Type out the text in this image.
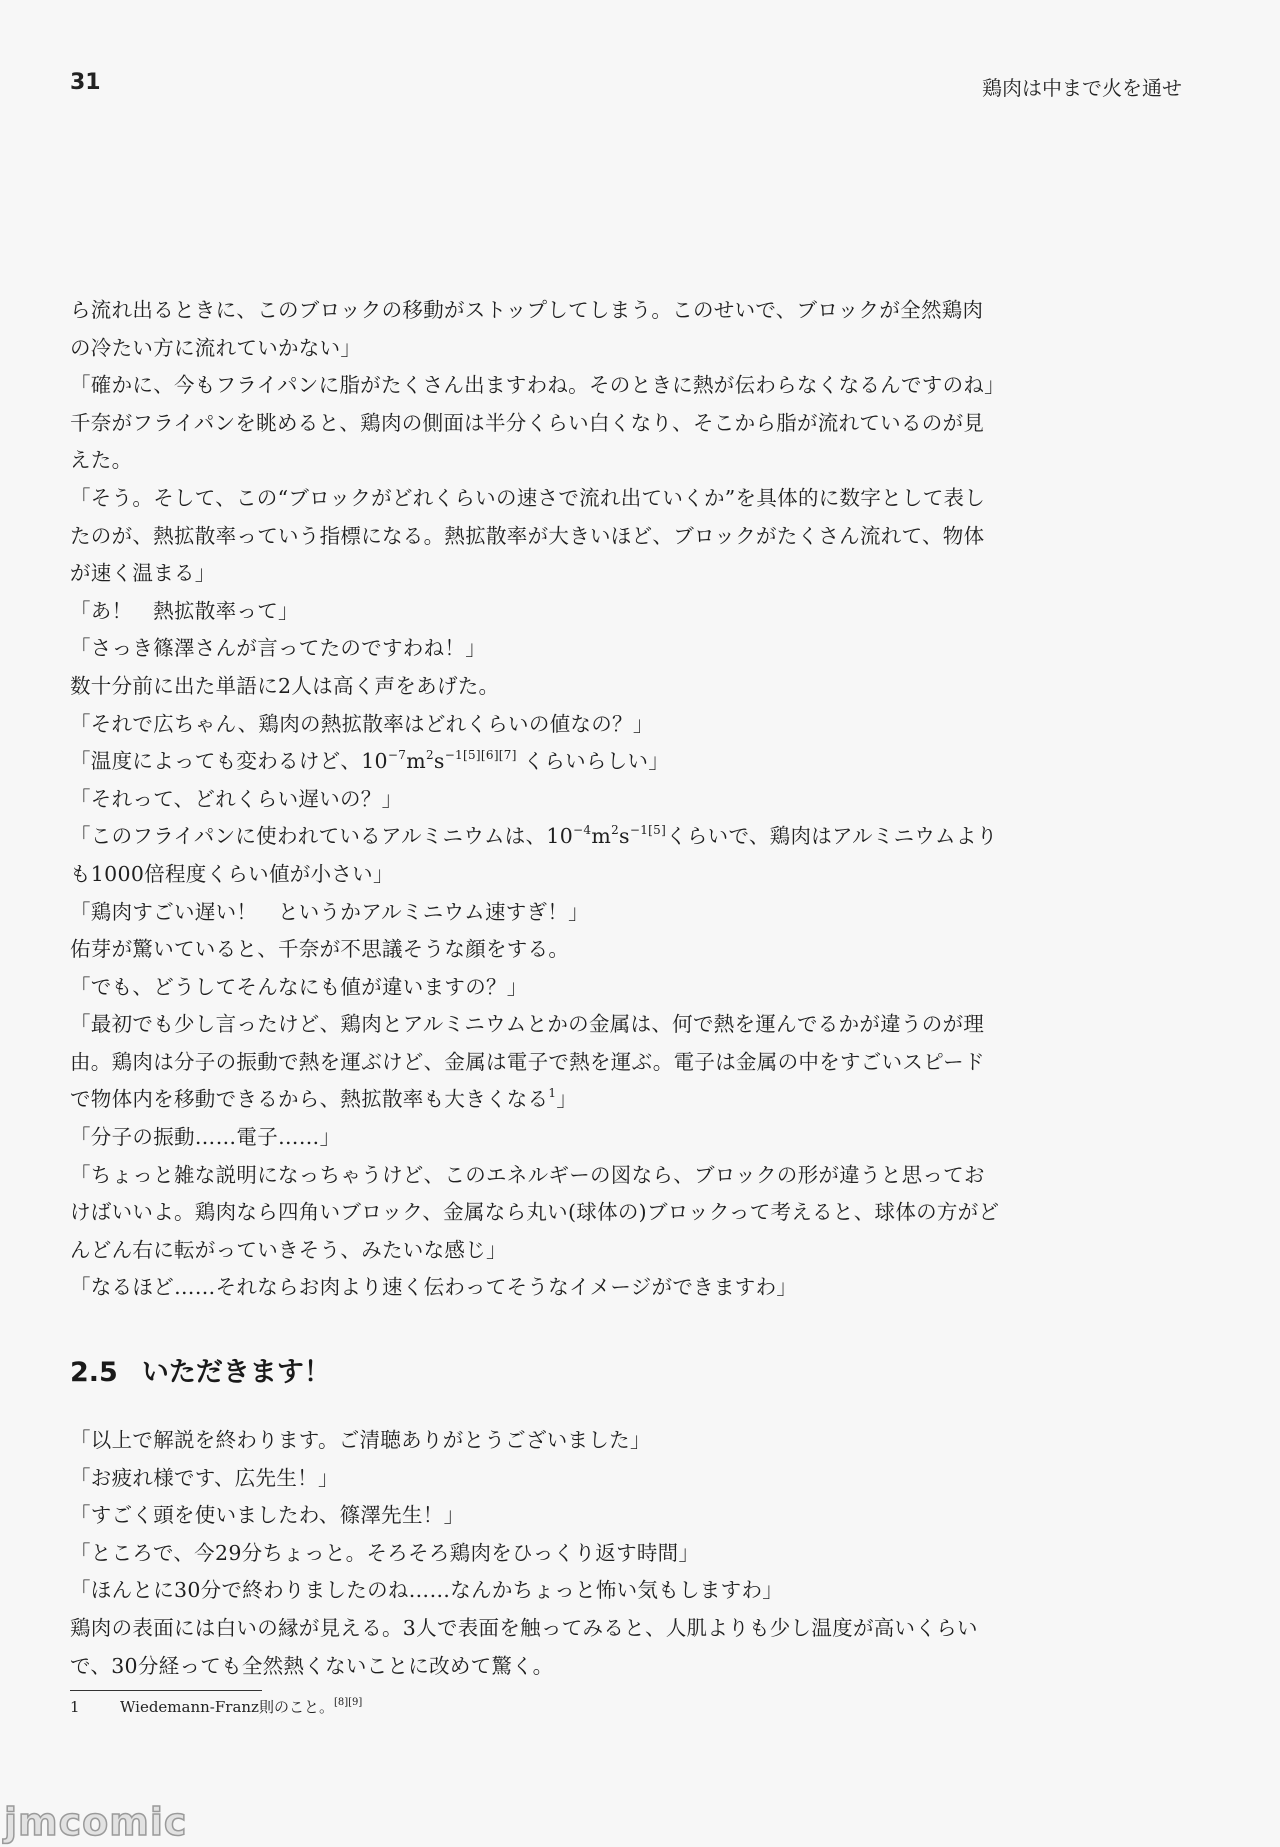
31	鶏肉は中まで火を通せ

ら流れ出るときに、このブロックの移動がストップしてしまう。このせいで、ブロックが全然鶏肉の冷たい方に流れていかない」

「確かに、今もフライパンに脂がたくさん出ますわね。そのときに熱が伝わらなくなるんですのね」

千奈がフライパンを眺めると、鶏肉の側面は半分くらい白くなり、そこから脂が流れているのが見えた。

「そう。そして、この“ブロックがどれくらいの速さで流れ出ていくか”を具体的に数字として表したのが、熱拡散率っていう指標になる。熱拡散率が大きいほど、ブロックがたくさん流れて、物体が速く温まる」

「あ！　熱拡散率って」

「さっき篠澤さんが言ってたのですわね！」

数十分前に出た単語に2人は高く声をあげた。

「それで広ちゃん、鶏肉の熱拡散率はどれくらいの値なの？」

「温度によっても変わるけど、$10^{-7}m^2s^{-1[5][6][7]}$ くらいらしい」

「それって、どれくらい遅いの？」

「このフライパンに使われているアルミニウムは、$10^{-4}m^2s^{-1[5]}$くらいで、鶏肉はアルミニウムよりも1000倍程度くらい値が小さい」

「鶏肉すごい遅い！　というかアルミニウム速すぎ！」

佑芽が驚いていると、千奈が不思議そうな顔をする。

「でも、どうしてそんなにも値が違いますの？」

「最初でも少し言ったけど、鶏肉とアルミニウムとかの金属は、何で熱を運んでるかが違うのが理由。鶏肉は分子の振動で熱を運ぶけど、金属は電子で熱を運ぶ。電子は金属の中をすごいスピードで物体内を移動できるから、熱拡散率も大きくなる$^1$」

「分子の振動……電子……」

「ちょっと雑な説明になっちゃうけど、このエネルギーの図なら、ブロックの形が違うと思っておけばいいよ。鶏肉なら四角いブロック、金属なら丸い(球体の)ブロックって考えると、球体の方がどんどん右に転がっていきそう、みたいな感じ」

「なるほど……それならお肉より速く伝わってそうなイメージができますわ」

2.5 いただきます！

「以上で解説を終わります。ご清聴ありがとうございました」

「お疲れ様です、広先生！」

「すごく頭を使いましたわ、篠澤先生！」

「ところで、今29分ちょっと。そろそろ鶏肉をひっくり返す時間」

「ほんとに30分で終わりましたのね……なんかちょっと怖い気もしますわ」

鶏肉の表面には白いの縁が見える。3人で表面を触ってみると、人肌よりも少し温度が高いくらいで、30分経っても全然熱くないことに改めて驚く。

1	Wiedemann-Franz則のこと。[8][9]
jmcomic
